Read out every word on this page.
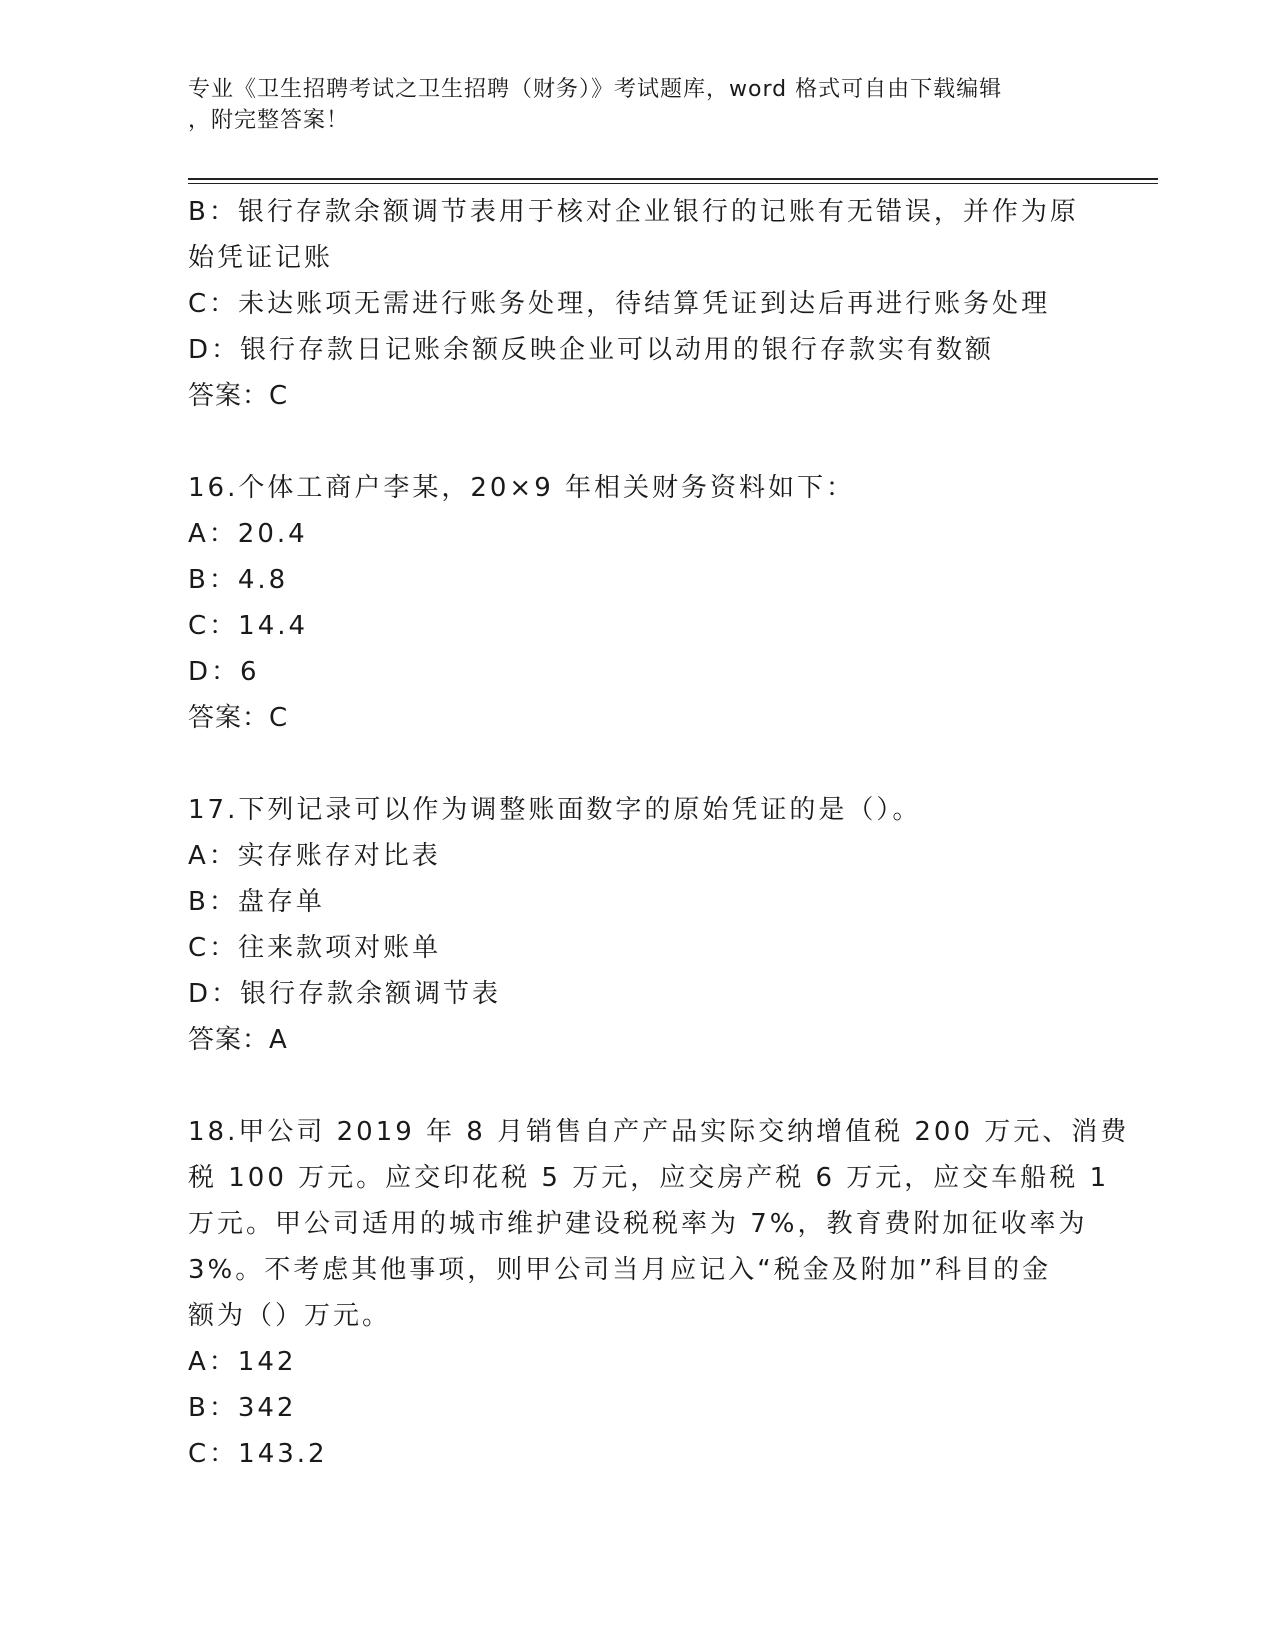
专业《卫生招聘考试之卫生招聘（财务）》考试题库，word 格式可自由下载编辑
，附完整答案！
B：银行存款余额调节表用于核对企业银行的记账有无错误，并作为原
始凭证记账
C：未达账项无需进行账务处理，待结算凭证到达后再进行账务处理
D：银行存款日记账余额反映企业可以动用的银行存款实有数额
答案：C
16.个体工商户李某，20×9 年相关财务资料如下：
A：20.4
B：4.8
C：14.4
D：6
答案：C
17.下列记录可以作为调整账面数字的原始凭证的是（）。
A：实存账存对比表
B：盘存单
C：往来款项对账单
D：银行存款余额调节表
答案：A
18.甲公司 2019 年 8 月销售自产产品实际交纳增值税 200 万元、消费
税 100 万元。应交印花税 5 万元，应交房产税 6 万元，应交车船税 1
万元。甲公司适用的城市维护建设税税率为 7%，教育费附加征收率为
3%。不考虑其他事项，则甲公司当月应记入“税金及附加”科目的金
额为（）万元。
A：142
B：342
C：143.2
